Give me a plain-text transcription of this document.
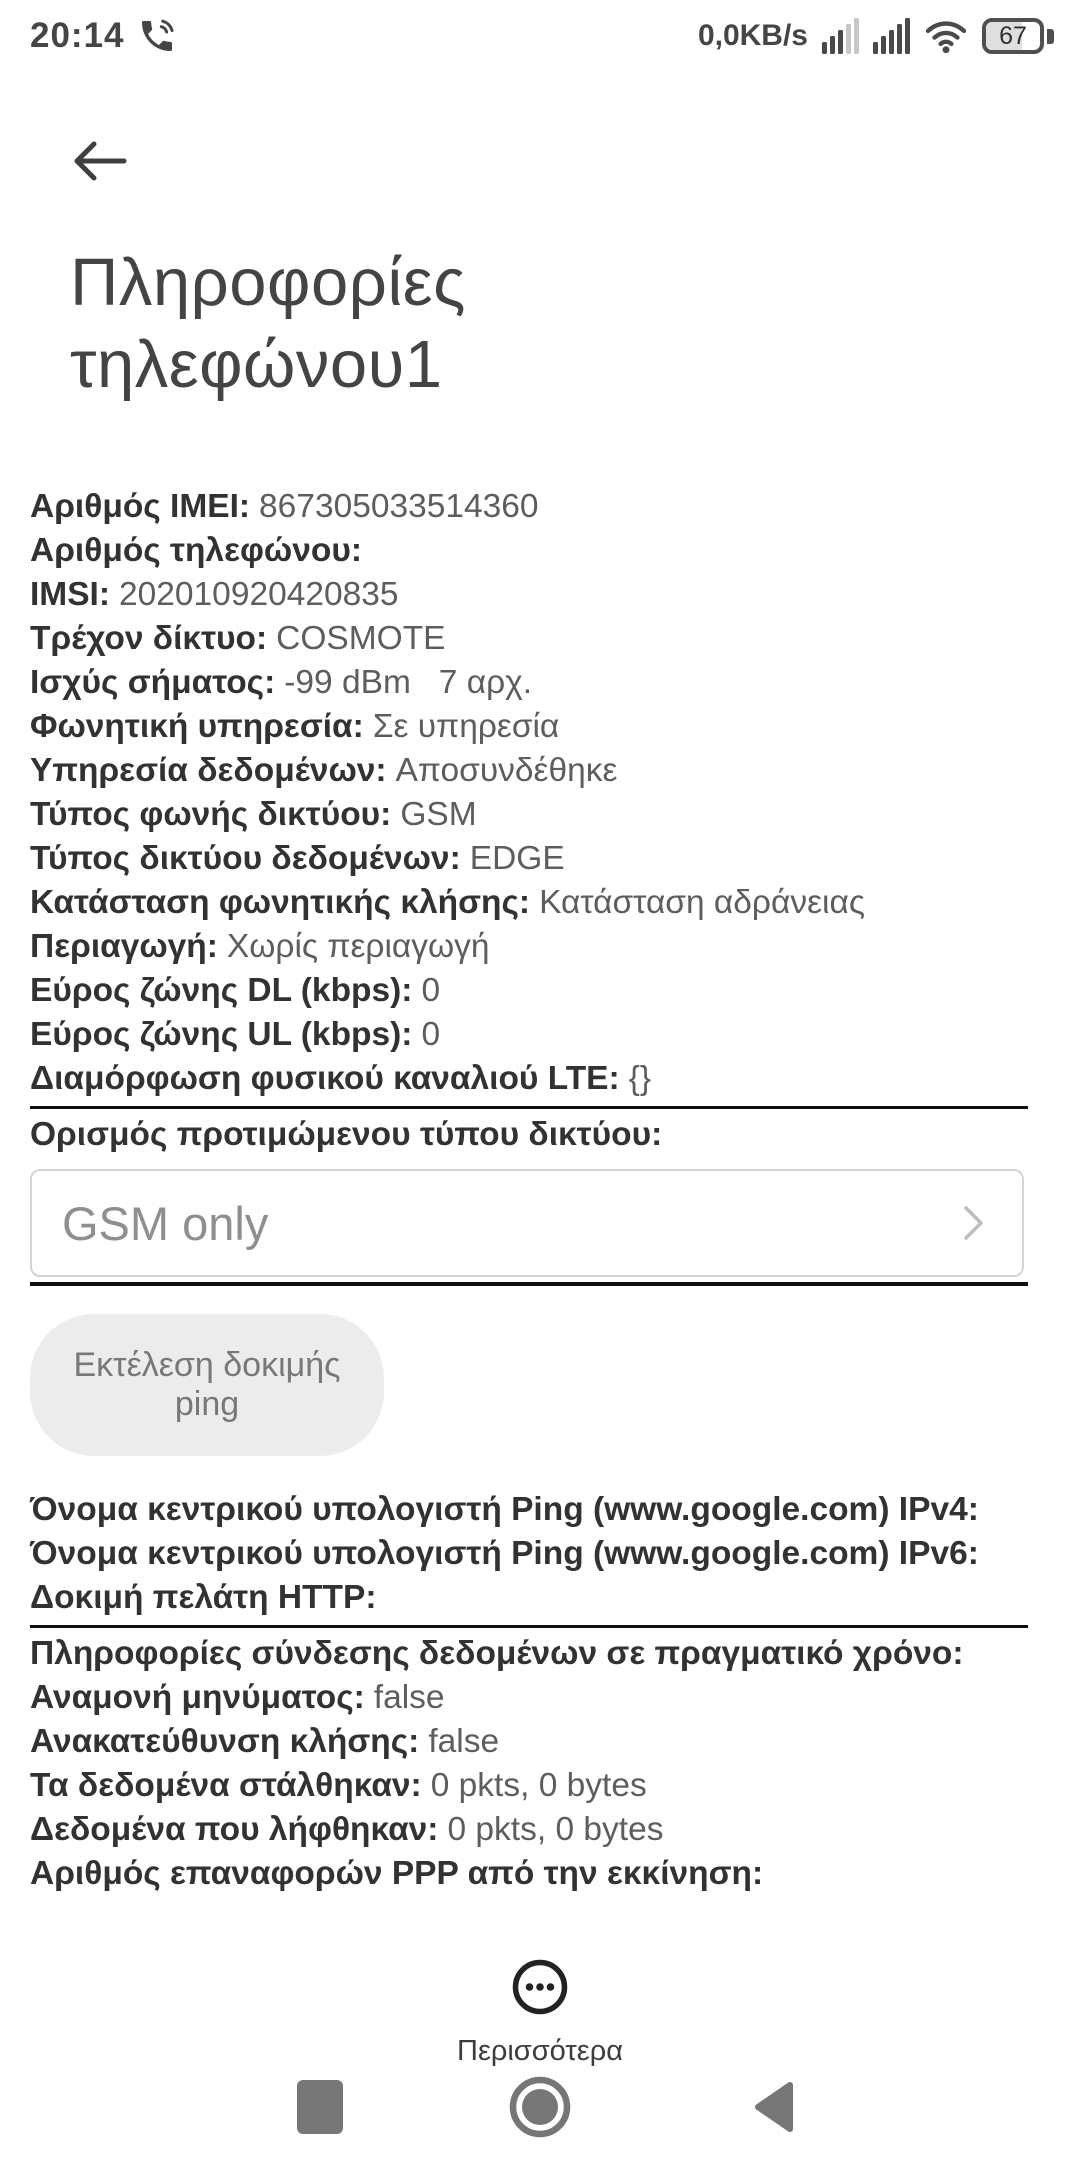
20:14	0,0KB/s	67
Πληροφορίες τηλεφώνου1
Αριθμός IMEI: 867305033514360
Αριθμός τηλεφώνου:
IMSI: 202010920420835
Τρέχον δίκτυο: COSMOTE
Ισχύς σήματος: -99 dBm   7 αρχ.
Φωνητική υπηρεσία: Σε υπηρεσία
Υπηρεσία δεδομένων: Αποσυνδέθηκε
Τύπος φωνής δικτύου: GSM
Τύπος δικτύου δεδομένων: EDGE
Κατάσταση φωνητικής κλήσης: Κατάσταση αδράνειας
Περιαγωγή: Χωρίς περιαγωγή
Εύρος ζώνης DL (kbps): 0
Εύρος ζώνης UL (kbps): 0
Διαμόρφωση φυσικού καναλιού LTE: {}
Ορισμός προτιμώμενου τύπου δικτύου:
GSM only
Εκτέλεση δοκιμής ping
Όνομα κεντρικού υπολογιστή Ping (www.google.com) IPv4:
Όνομα κεντρικού υπολογιστή Ping (www.google.com) IPv6:
Δοκιμή πελάτη HTTP:
Πληροφορίες σύνδεσης δεδομένων σε πραγματικό χρόνο:
Αναμονή μηνύματος: false
Ανακατεύθυνση κλήσης: false
Τα δεδομένα στάλθηκαν: 0 pkts, 0 bytes
Δεδομένα που λήφθηκαν: 0 pkts, 0 bytes
Αριθμός επαναφορών PPP από την εκκίνηση:
Περισσότερα
